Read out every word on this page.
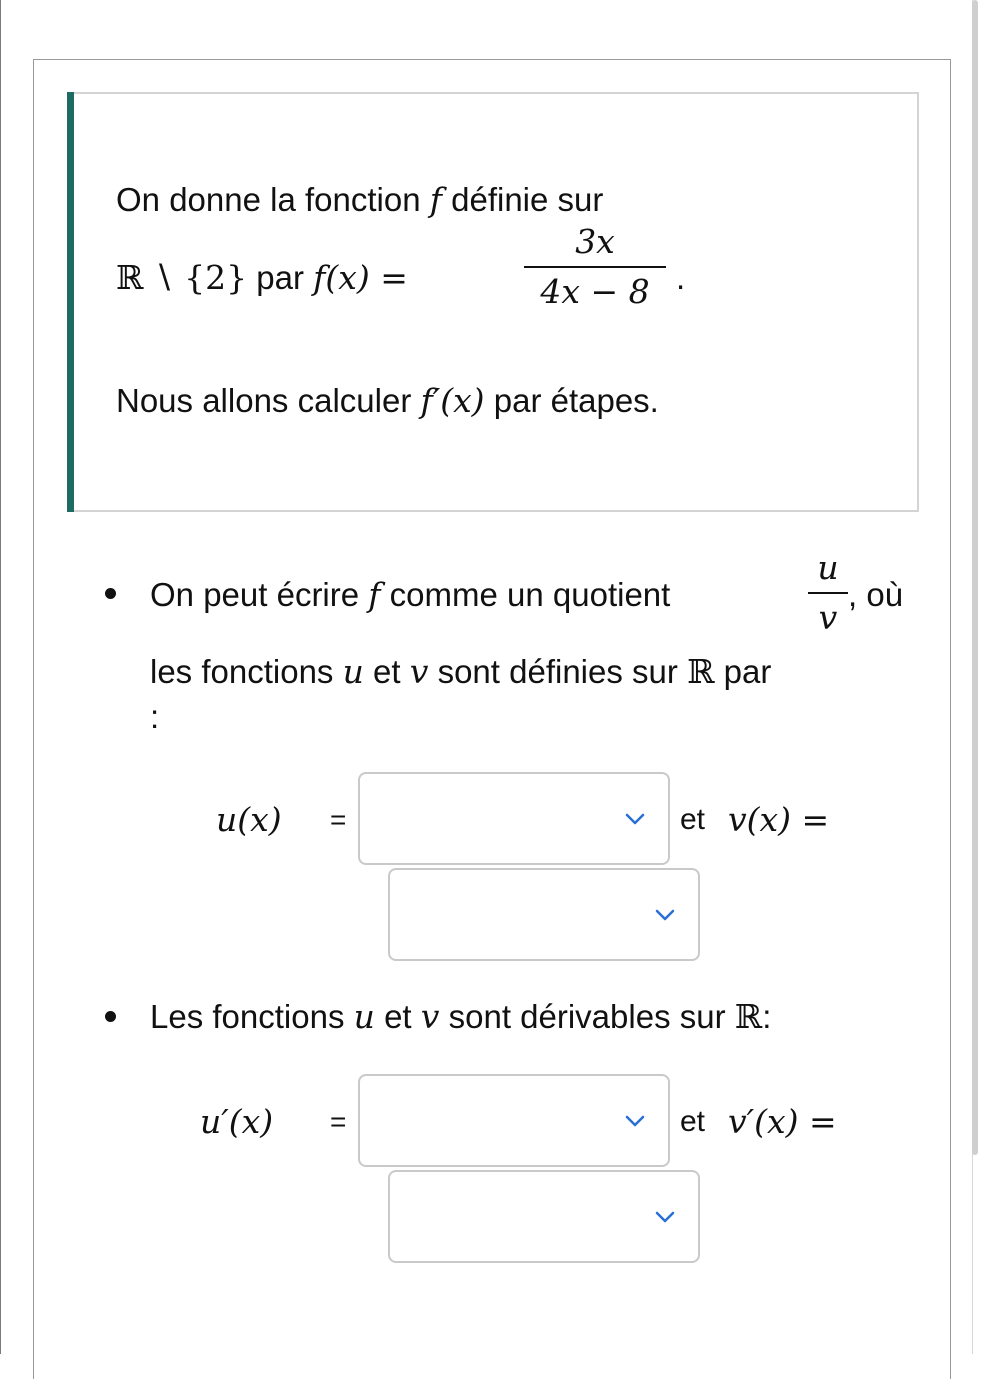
On donne la fonction f définie sur
ℝ ∖ {2} par f(x) =
3x
4x − 8 .
Nous allons calculer f′(x) par étapes.
On peut écrire f comme un quotient
u
v
, où
les fonctions u et v sont définies sur ℝ par
:
u(x) =	et v(x) =
Les fonctions u et v sont dérivables sur ℝ:
u′(x) =	et v′(x) =
